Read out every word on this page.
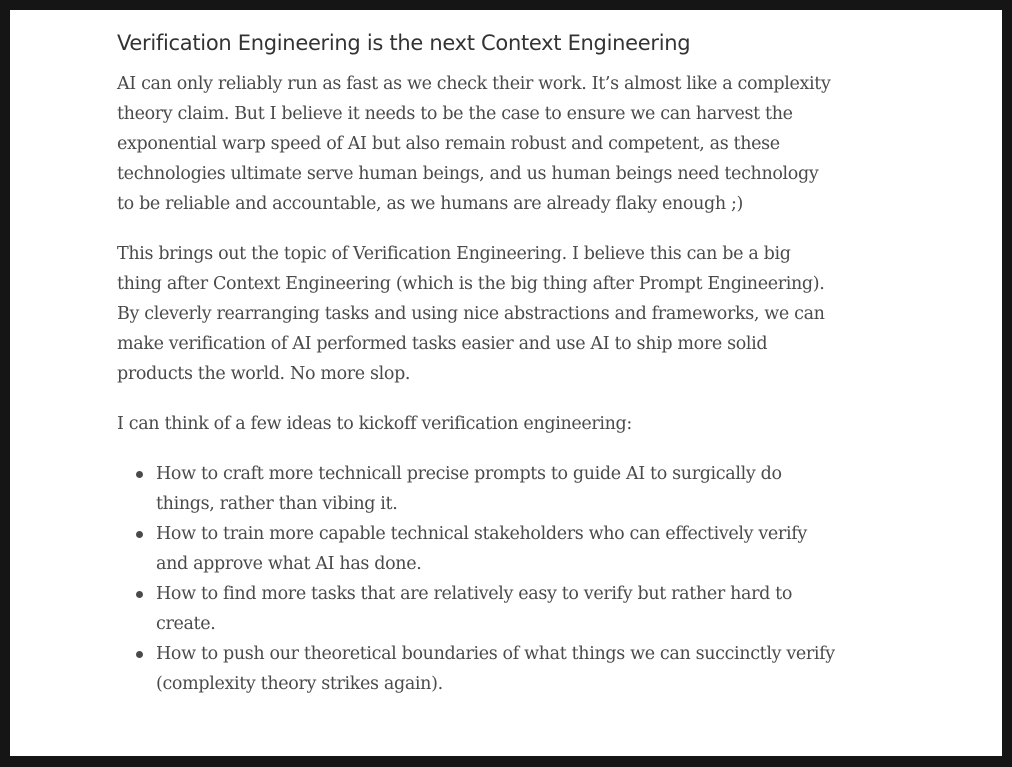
Verification Engineering is the next Context Engineering

AI can only reliably run as fast as we check their work. It’s almost like a complexity theory claim. But I believe it needs to be the case to ensure we can harvest the exponential warp speed of AI but also remain robust and competent, as these technologies ultimate serve human beings, and us human beings need technology to be reliable and accountable, as we humans are already flaky enough ;)

This brings out the topic of Verification Engineering. I believe this can be a big thing after Context Engineering (which is the big thing after Prompt Engineering). By cleverly rearranging tasks and using nice abstractions and frameworks, we can make verification of AI performed tasks easier and use AI to ship more solid products the world. No more slop.

I can think of a few ideas to kickoff verification engineering:

How to craft more technicall precise prompts to guide AI to surgically do things, rather than vibing it.
How to train more capable technical stakeholders who can effectively verify and approve what AI has done.
How to find more tasks that are relatively easy to verify but rather hard to create.
How to push our theoretical boundaries of what things we can succinctly verify (complexity theory strikes again).
